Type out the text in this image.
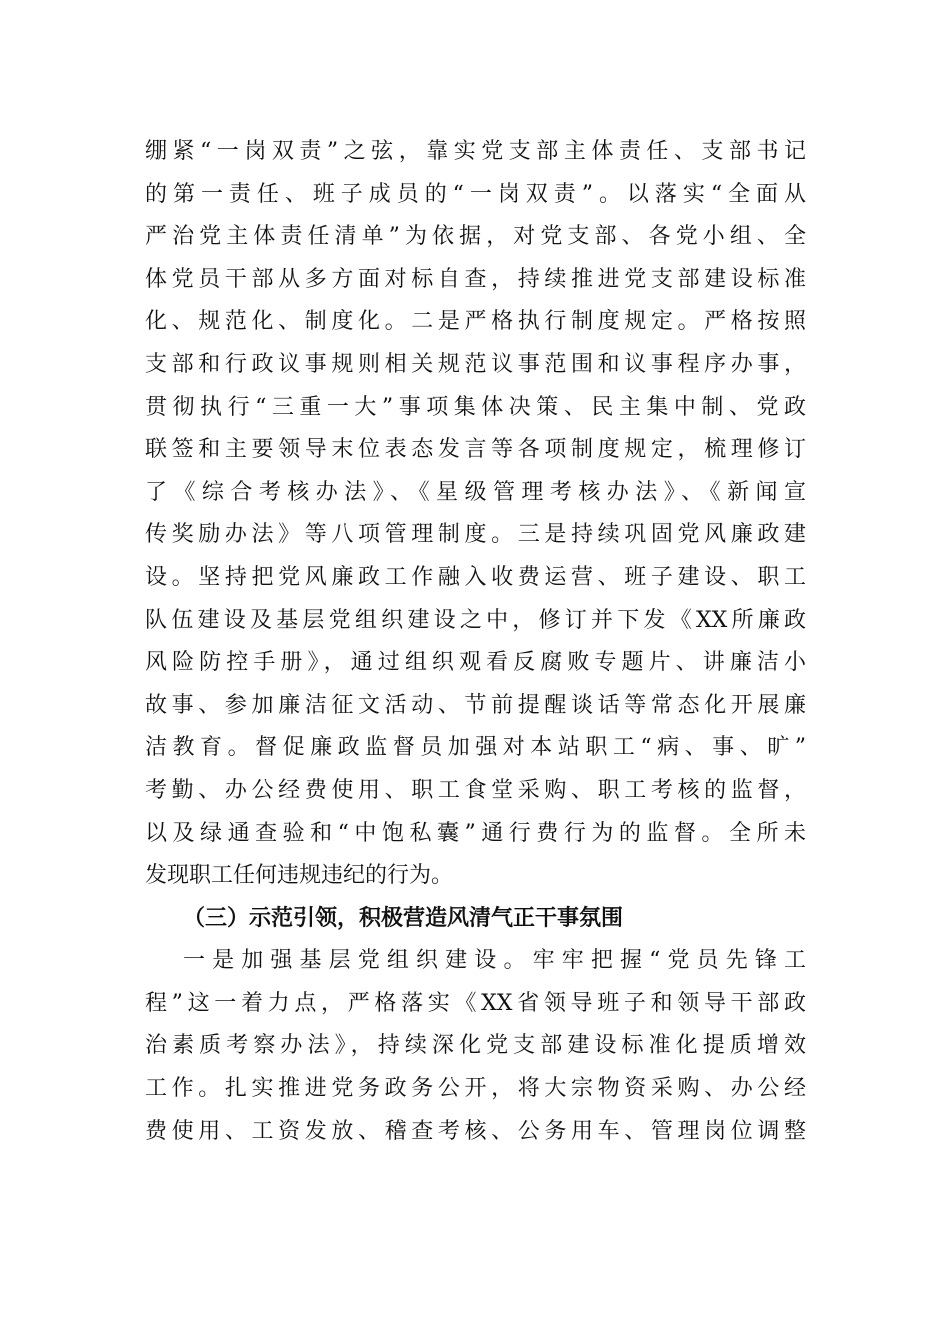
绷紧“一岗双责”之弦，靠实党支部主体责任、支部书记
的第一责任、班子成员的“一岗双责”。以落实“全面从
严治党主体责任清单”为依据，对党支部、各党小组、全
体党员干部从多方面对标自查，持续推进党支部建设标准
化、规范化、制度化。二是严格执行制度规定。严格按照
支部和行政议事规则相关规范议事范围和议事程序办事，
贯彻执行“三重一大”事项集体决策、民主集中制、党政
联签和主要领导末位表态发言等各项制度规定，梳理修订
了《综合考核办法》、《星级管理考核办法》、《新闻宣
传奖励办法》等八项管理制度。三是持续巩固党风廉政建
设。坚持把党风廉政工作融入收费运营、班子建设、职工
队伍建设及基层党组织建设之中，修订并下发《XX所廉政
风险防控手册》，通过组织观看反腐败专题片、讲廉洁小
故事、参加廉洁征文活动、节前提醒谈话等常态化开展廉
洁教育。督促廉政监督员加强对本站职工“病、事、旷”
考勤、办公经费使用、职工食堂采购、职工考核的监督，
以及绿通查验和“中饱私囊”通行费行为的监督。全所未
发现职工任何违规违纪的行为。
（三）示范引领，积极营造风清气正干事氛围
一是加强基层党组织建设。牢牢把握“党员先锋工
程”这一着力点，严格落实《XX省领导班子和领导干部政
治素质考察办法》，持续深化党支部建设标准化提质增效
工作。扎实推进党务政务公开，将大宗物资采购、办公经
费使用、工资发放、稽查考核、公务用车、管理岗位调整
